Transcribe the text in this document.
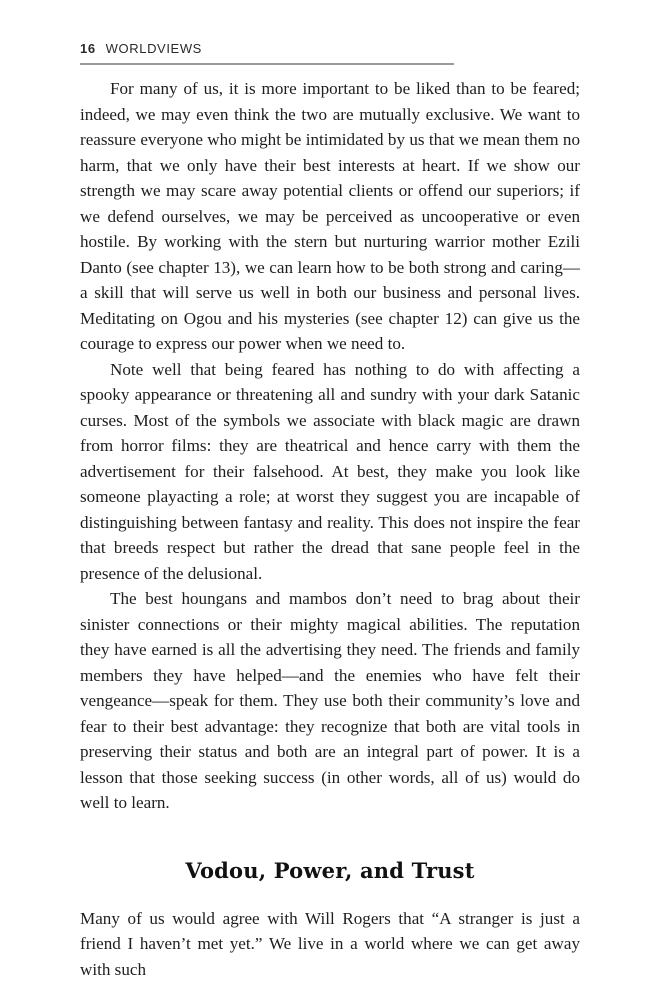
16 WORLDVIEWS

For many of us, it is more important to be liked than to be feared; indeed, we may even think the two are mutually exclusive. We want to reassure everyone who might be intimidated by us that we mean them no harm, that we only have their best interests at heart. If we show our strength we may scare away potential clients or offend our superiors; if we defend ourselves, we may be perceived as uncooperative or even hostile. By working with the stern but nurturing warrior mother Ezili Danto (see chapter 13), we can learn how to be both strong and caring—a skill that will serve us well in both our business and personal lives. Meditating on Ogou and his mysteries (see chapter 12) can give us the courage to express our power when we need to.

Note well that being feared has nothing to do with affecting a spooky appearance or threatening all and sundry with your dark Satanic curses. Most of the symbols we associate with black magic are drawn from horror films: they are theatrical and hence carry with them the advertisement for their falsehood. At best, they make you look like someone playacting a role; at worst they suggest you are incapable of distinguishing between fantasy and reality. This does not inspire the fear that breeds respect but rather the dread that sane people feel in the presence of the delusional.

The best houngans and mambos don’t need to brag about their sinister connections or their mighty magical abilities. The reputation they have earned is all the advertising they need. The friends and family members they have helped—and the enemies who have felt their vengeance—speak for them. They use both their community’s love and fear to their best advantage: they recognize that both are vital tools in preserving their status and both are an integral part of power. It is a lesson that those seeking success (in other words, all of us) would do well to learn.

Vodou, Power, and Trust

Many of us would agree with Will Rogers that “A stranger is just a friend I haven’t met yet.” We live in a world where we can get away with such
